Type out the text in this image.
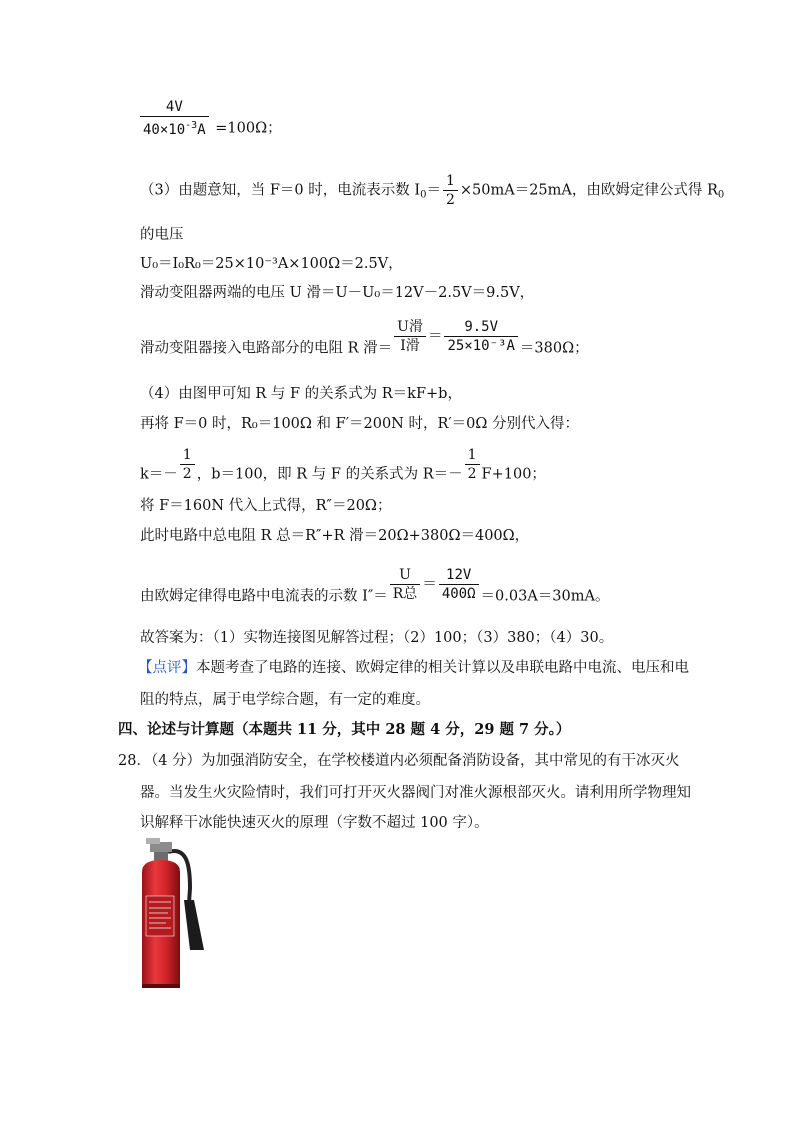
$\frac{4V}{40\times 10^{-3}A} =100\Omega$；
（3）由题意知，当 F＝0 时，电流表示数 $I_0= \frac{1}{2} \times 50mA=25mA$，由欧姆定律公式得 $R_0$
的电压
U₀＝I₀R₀＝25×10⁻³A×100Ω＝2.5V，
滑动变阻器两端的电压 U 滑＝U－U₀＝12V－2.5V＝9.5V，
滑动变阻器接入电路部分的电阻 R 滑＝ $\frac{\text{U滑}}{\text{I滑}} = \frac{9.5V}{\text{25×10⁻³A}} =380\Omega$；
（4）由图甲可知 R 与 F 的关系式为 R＝kF+b，
再将 F＝0 时，R₀＝100Ω 和 F′＝200N 时，R′＝0Ω 分别代入得：
$k=- \frac{1}{2}$ ，b＝100，即 R 与 F 的关系式为 $R=- \frac{1}{2} F+100$；
将 F＝160N 代入上式得，R″＝20Ω；
此时电路中总电阻 R 总＝R″+R 滑＝20Ω+380Ω＝400Ω，
由欧姆定律得电路中电流表的示数 $I''= \frac{U}{\text{R总}} = \frac{12V}{400\Omega} =0.03A=30mA$。
故答案为：（1）实物连接图见解答过程；（2）100；（3）380；（4）30。
【点评】本题考查了电路的连接、欧姆定律的相关计算以及串联电路中电流、电压和电
阻的特点，属于电学综合题，有一定的难度。
四、论述与计算题（本题共 11 分，其中 28 题 4 分，29 题 7 分。）
28．（4 分）为加强消防安全，在学校楼道内必须配备消防设备，其中常见的有干冰灭火
器。当发生火灾险情时，我们可打开灭火器阀门对准火源根部灭火。请利用所学物理知
识解释干冰能快速灭火的原理（字数不超过 100 字）。
